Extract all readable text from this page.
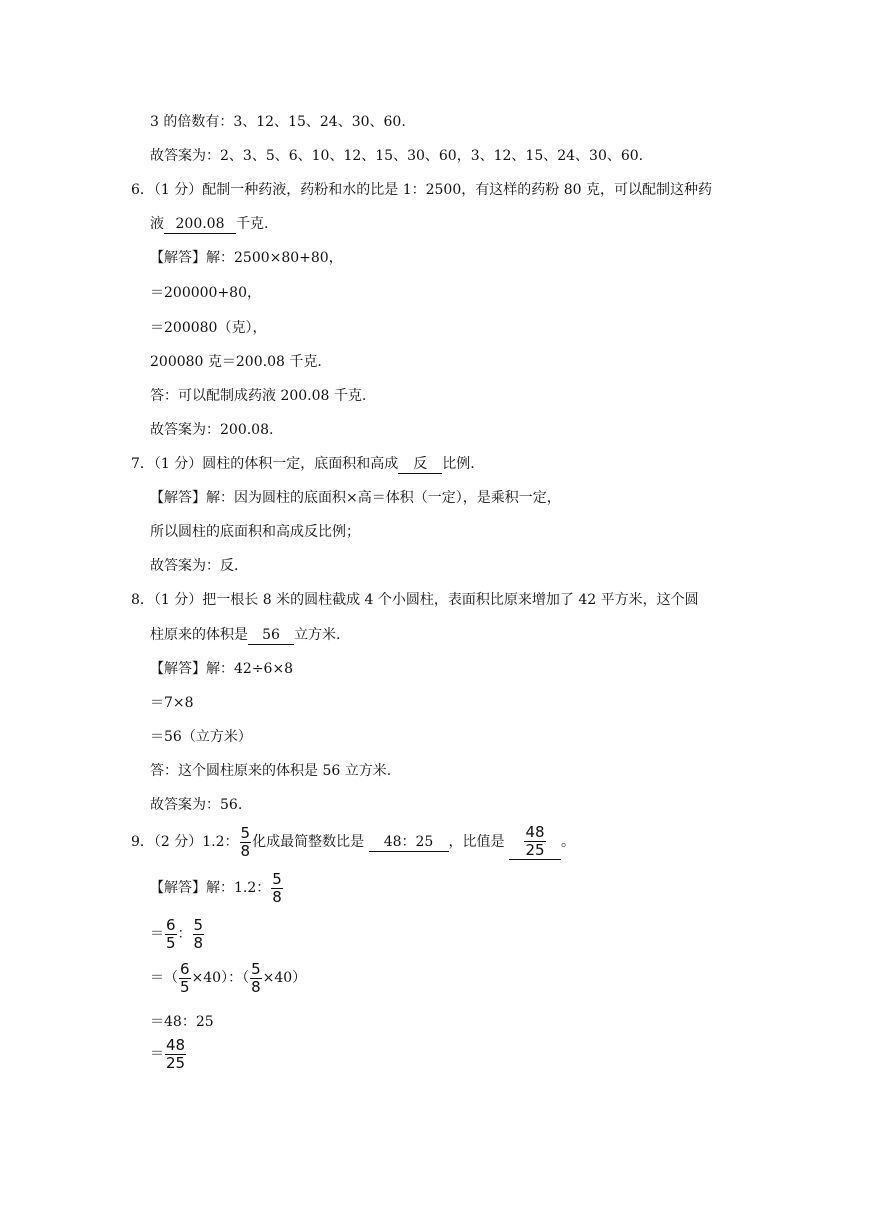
3 的倍数有：3、12、15、24、30、60.
故答案为：2、3、5、6、10、12、15、30、60，3、12、15、24、30、60.
6．（1 分）配制一种药液，药粉和水的比是 1：2500，有这样的药粉 80 克，可以配制这种药
液 200.08 千克.
【解答】解：2500×80+80，
＝200000+80，
＝200080（克），
200080 克＝200.08 千克.
答：可以配制成药液 200.08 千克.
故答案为：200.08.
7．（1 分）圆柱的体积一定，底面积和高成 反 比例.
【解答】解：因为圆柱的底面积×高＝体积（一定），是乘积一定，
所以圆柱的底面积和高成反比例；
故答案为：反.
8．（1 分）把一根长 8 米的圆柱截成 4 个小圆柱，表面积比原来增加了 42 平方米，这个圆
柱原来的体积是 56 立方米.
【解答】解：42÷6×8
＝7×8
＝56（立方米）
答：这个圆柱原来的体积是 56 立方米.
故答案为：56.
9．（2 分）1.2： $\frac{5}{8}$ 化成最简整数比是 48：25 ，比值是 $\frac{48}{25}$ 。
【解答】解：1.2： $\frac{5}{8}$
＝ $\frac{6}{5}$ ： $\frac{5}{8}$
＝（ $\frac{6}{5} \times 40$）：（ $\frac{5}{8} \times 40$）
＝48：25
＝ $\frac{48}{25}$
